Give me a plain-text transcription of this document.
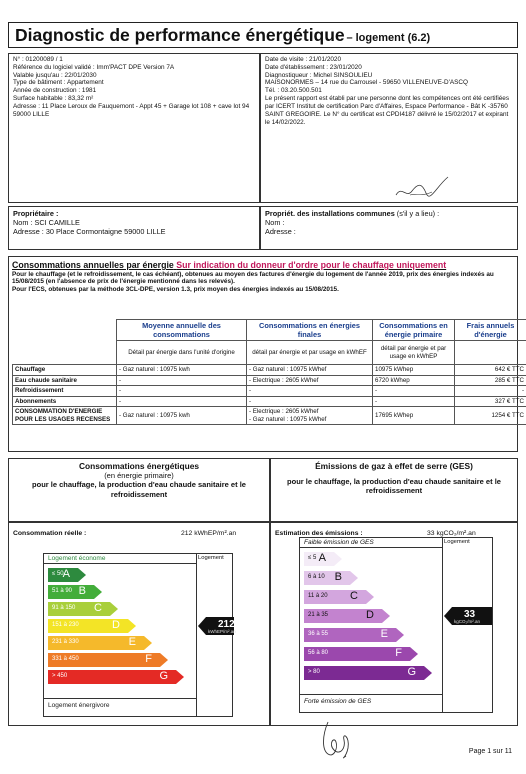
Diagnostic de performance énergétique – logement (6.2)
N° : 01200089 / 1
Référence du logiciel validé : Imm'PACT DPE Version 7A
Valable jusqu'au : 22/01/2030
Type de bâtiment : Appartement
Année de construction : 1981
Surface habitable : 83,32 m²
Adresse : 11 Place Leroux de Fauquemont - Appt 45 + Garage lot 108 + cave lot 94 59000 LILLE
Date de visite : 21/01/2020
Date d'établissement : 23/01/2020
Diagnostiqueur : Michel SINSOULIEU
MAISONORMES – 14 rue du Carrousel - 59650 VILLENEUVE-D'ASCQ
Tél. : 03.20.500.501
Le présent rapport est établi par une personne dont les compétences ont été certifiées par ICERT Institut de certification Parc d'Affaires, Espace Performance - Bât K -35760 SAINT GREGOIRE. Le N° du certificat est CPDI4187 délivré le 15/02/2017 et expirant le 14/02/2022.
Propriétaire :
Nom : SCI CAMILLE
Adresse : 30 Place Cormontaigne 59000 LILLE
Propriét. des installations communes (s'il y a lieu) :
Nom :
Adresse :
Consommations annuelles par énergie Sur indication du donneur d'ordre pour le chauffage uniquement
Pour le chauffage (et le refroidissement, le cas échéant), obtenues au moyen des factures d'énergie du logement de l'année 2019, prix des énergies indexés au 15/08/2015 (en l'absence de prix de l'énergie mentionné dans les relevés).
Pour l'ECS, obtenues par la méthode 3CL-DPE, version 1.3, prix moyen des énergies indexés au 15/08/2015.
	Moyenne annuelle des consommations	Consommations en énergies finales	Consommations en énergie primaire	Frais annuels d'énergie
	Détail par énergie dans l'unité d'origine	détail par énergie et par usage en kWhEF	détail par énergie et par usage en kWhEP	
Chauffage	- Gaz naturel : 10975 kwh	- Gaz naturel : 10975 kWhef	10975 kWhep	642 € TTC
Eau chaude sanitaire	-	- Electrique : 2605 kWhef	6720 kWhep	285 € TTC
Refroidissement	-	-	-	-
Abonnements	-	-	-	327 € TTC
CONSOMMATION D'ENERGIE POUR LES USAGES RECENSES	- Gaz naturel : 10975 kwh	- Electrique : 2605 kWhef
- Gaz naturel : 10975 kWhef	17695 kWhep	1254 € TTC
Consommations énergétiques
(en énergie primaire)
pour le chauffage, la production d'eau chaude sanitaire et le refroidissement
Émissions de gaz à effet de serre (GES)
pour le chauffage, la production d'eau chaude sanitaire et le refroidissement
Consommation réelle :	212 kWhEP/m².an
Logement économe	Logement
≤ 50 A
51 à 90 B
91 à 150 C
151 à 230	D
231 à 330	E
331 à 450	F
> 450	G
212
kWhEP/m².an
Logement énergivore
Estimation des émissions :	33 kgCO₂/m².an
Faible émission de GES	Logement
≤ 5 A
6 à 10 B
11 à 20 C
21 à 35	D
36 à 55	E
56 à 80	F
> 80	G
33
kgCO₂/m².an
Forte émission de GES
Page 1 sur 11
